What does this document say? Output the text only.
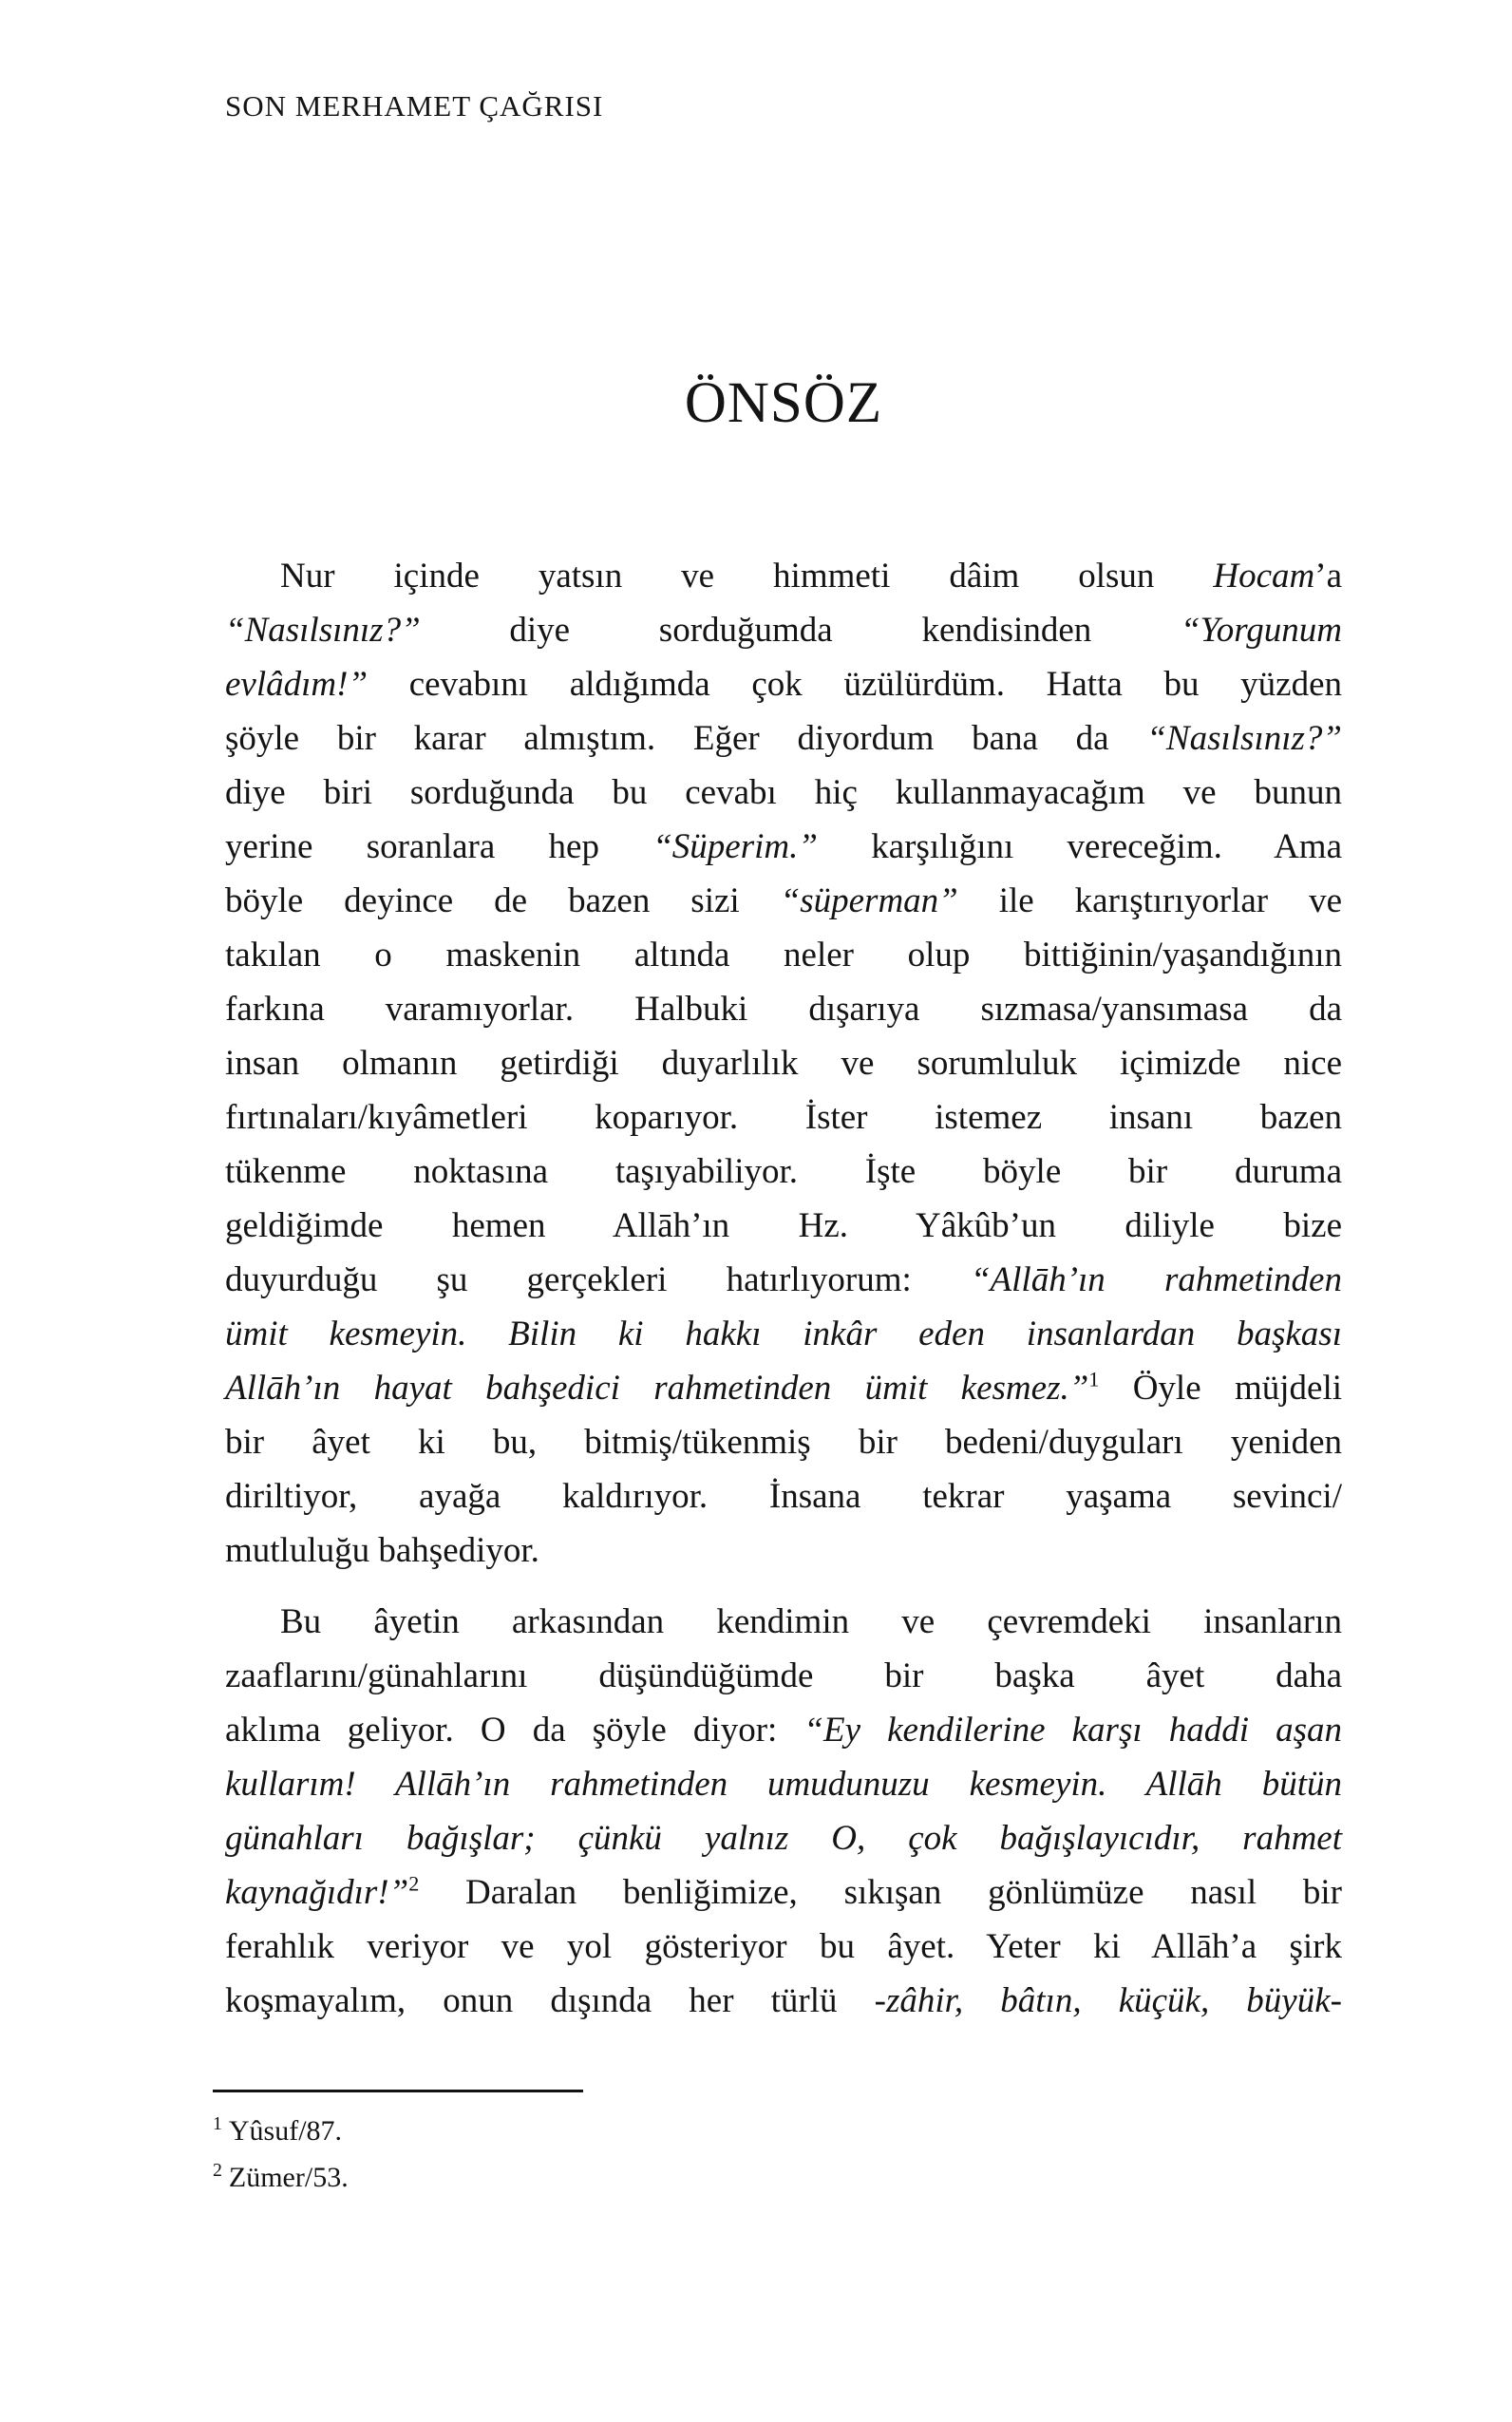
SON MERHAMET ÇAĞRISI
ÖNSÖZ
Nur içinde yatsın ve himmeti dâim olsun Hocam’a
“Nasılsınız?” diye sorduğumda kendisinden “Yorgunum
evlâdım!” cevabını aldığımda çok üzülürdüm. Hatta bu yüzden
şöyle bir karar almıştım. Eğer diyordum bana da “Nasılsınız?”
diye biri sorduğunda bu cevabı hiç kullanmayacağım ve bunun
yerine soranlara hep “Süperim.” karşılığını vereceğim. Ama
böyle deyince de bazen sizi “süperman” ile karıştırıyorlar ve
takılan o maskenin altında neler olup bittiğinin/yaşandığının
farkına varamıyorlar. Halbuki dışarıya sızmasa/yansımasa da
insan olmanın getirdiği duyarlılık ve sorumluluk içimizde nice
fırtınaları/kıyâmetleri koparıyor. İster istemez insanı bazen
tükenme noktasına taşıyabiliyor. İşte böyle bir duruma
geldiğimde hemen Allāh’ın Hz. Yâkûb’un diliyle bize
duyurduğu şu gerçekleri hatırlıyorum: “Allāh’ın rahmetinden
ümit kesmeyin. Bilin ki hakkı inkâr eden insanlardan başkası
Allāh’ın hayat bahşedici rahmetinden ümit kesmez.”$^1$ Öyle müjdeli
bir âyet ki bu, bitmiş/tükenmiş bir bedeni/duyguları yeniden
diriltiyor, ayağa kaldırıyor. İnsana tekrar yaşama sevinci/
mutluluğu bahşediyor.
Bu âyetin arkasından kendimin ve çevremdeki insanların
zaaflarını/günahlarını düşündüğümde bir başka âyet daha
aklıma geliyor. O da şöyle diyor: “Ey kendilerine karşı haddi aşan
kullarım! Allāh’ın rahmetinden umudunuzu kesmeyin. Allāh bütün
günahları bağışlar; çünkü yalnız O, çok bağışlayıcıdır, rahmet
kaynağıdır!”$^2$ Daralan benliğimize, sıkışan gönlümüze nasıl bir
ferahlık veriyor ve yol gösteriyor bu âyet. Yeter ki Allāh’a şirk
koşmayalım, onun dışında her türlü -zâhir, bâtın, küçük, büyük-
$^1$ Yûsuf/87.
$^2$ Zümer/53.
